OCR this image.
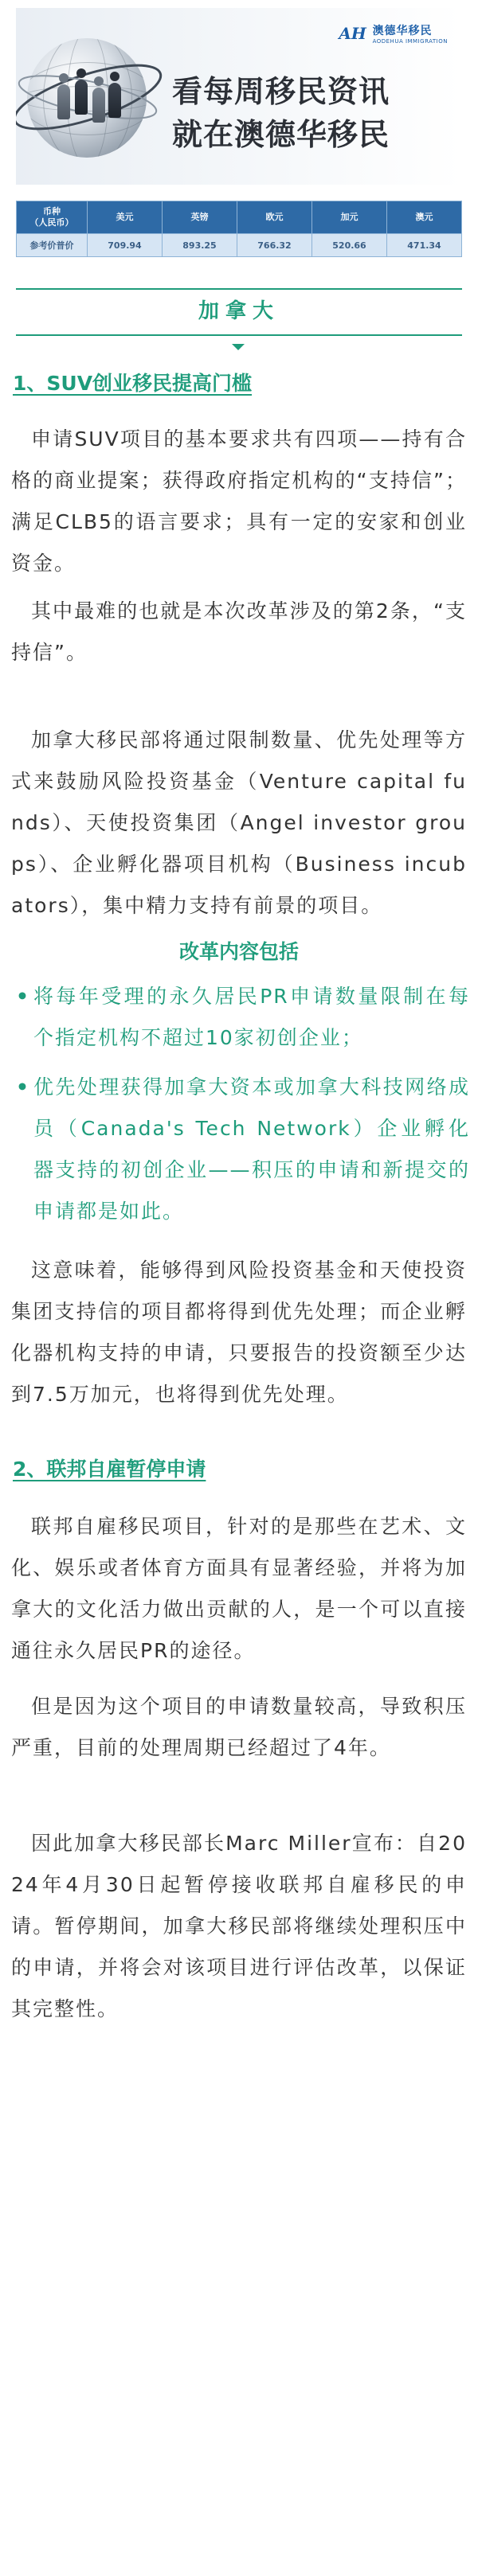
AH 澳德华移民
AODEHUA IMMIGRATION
看每周移民资讯
就在澳德华移民
币种
（人民币）	美元	英镑	欧元	加元	澳元
参考价普价	709.94	893.25	766.32	520.66	471.34
加拿大
1、SUV创业移民提高门槛

申请SUV项目的基本要求共有四项——持有合格的商业提案；获得政府指定机构的“支持信”；满足CLB5的语言要求；具有一定的安家和创业资金。

其中最难的也就是本次改革涉及的第2条，“支持信”。

加拿大移民部将通过限制数量、优先处理等方式来鼓励风险投资基金（Venture capital funds）、天使投资集团（Angel investor groups）、企业孵化器项目机构（Business incubators），集中精力支持有前景的项目。

改革内容包括
• 将每年受理的永久居民PR申请数量限制在每个指定机构不超过10家初创企业；

• 优先处理获得加拿大资本或加拿大科技网络成员（Canada's Tech Network）企业孵化器支持的初创企业——积压的申请和新提交的申请都是如此。

这意味着，能够得到风险投资基金和天使投资集团支持信的项目都将得到优先处理；而企业孵化器机构支持的申请，只要报告的投资额至少达到7.5万加元，也将得到优先处理。

2、联邦自雇暂停申请

联邦自雇移民项目，针对的是那些在艺术、文化、娱乐或者体育方面具有显著经验，并将为加拿大的文化活力做出贡献的人，是一个可以直接通往永久居民PR的途径。

但是因为这个项目的申请数量较高，导致积压严重，目前的处理周期已经超过了4年。

因此加拿大移民部长Marc Miller宣布：自2024年4月30日起暂停接收联邦自雇移民的申请。暂停期间，加拿大移民部将继续处理积压中的申请，并将会对该项目进行评估改革，以保证其完整性。
